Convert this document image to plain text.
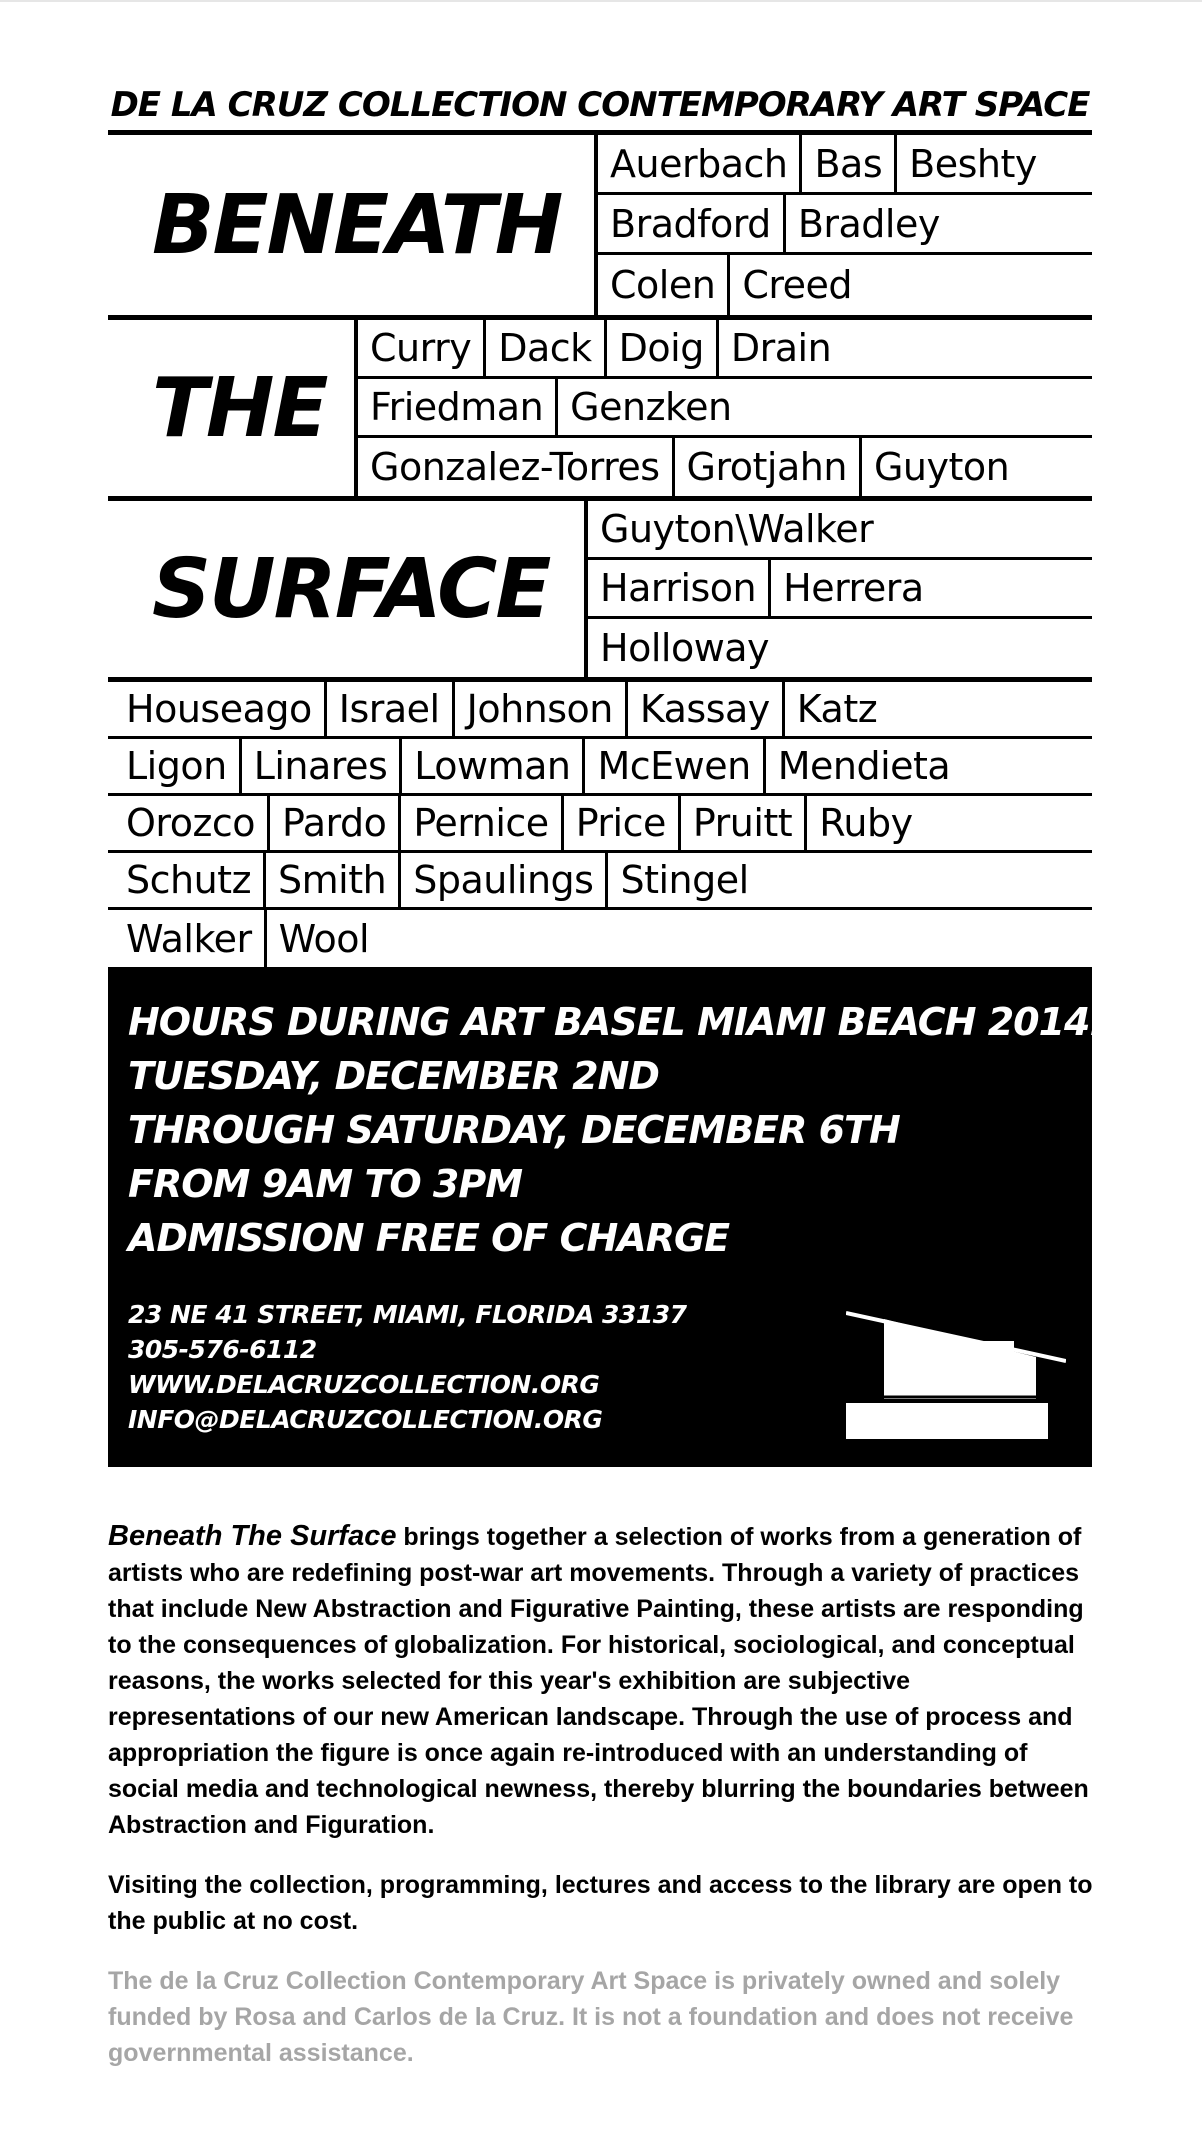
DE LA CRUZ COLLECTION CONTEMPORARY ART SPACE
BENEATH
Auerbach Bas Beshty
Bradford Bradley
Colen Creed
THE
Curry Dack Doig Drain
Friedman Genzken
Gonzalez-Torres Grotjahn Guyton
SURFACE
Guyton\Walker
Harrison Herrera
Holloway
Houseago Israel Johnson Kassay Katz
Ligon Linares Lowman McEwen Mendieta
Orozco Pardo Pernice Price Pruitt Ruby
Schutz Smith Spaulings Stingel
Walker Wool
HOURS DURING ART BASEL MIAMI BEACH 2014:
TUESDAY, DECEMBER 2ND
THROUGH SATURDAY, DECEMBER 6TH
FROM 9AM TO 3PM
ADMISSION FREE OF CHARGE
23 NE 41 STREET, MIAMI, FLORIDA 33137
305-576-6112
WWW.DELACRUZCOLLECTION.ORG
INFO@DELACRUZCOLLECTION.ORG

Beneath The Surface brings together a selection of works from a generation of artists who are redefining post-war art movements. Through a variety of practices that include New Abstraction and Figurative Painting, these artists are responding to the consequences of globalization. For historical, sociological, and conceptual reasons, the works selected for this year's exhibition are subjective representations of our new American landscape. Through the use of process and appropriation the figure is once again re-introduced with an understanding of social media and technological newness, thereby blurring the boundaries between Abstraction and Figuration.

Visiting the collection, programming, lectures and access to the library are open to the public at no cost.

The de la Cruz Collection Contemporary Art Space is privately owned and solely funded by Rosa and Carlos de la Cruz. It is not a foundation and does not receive governmental assistance.
